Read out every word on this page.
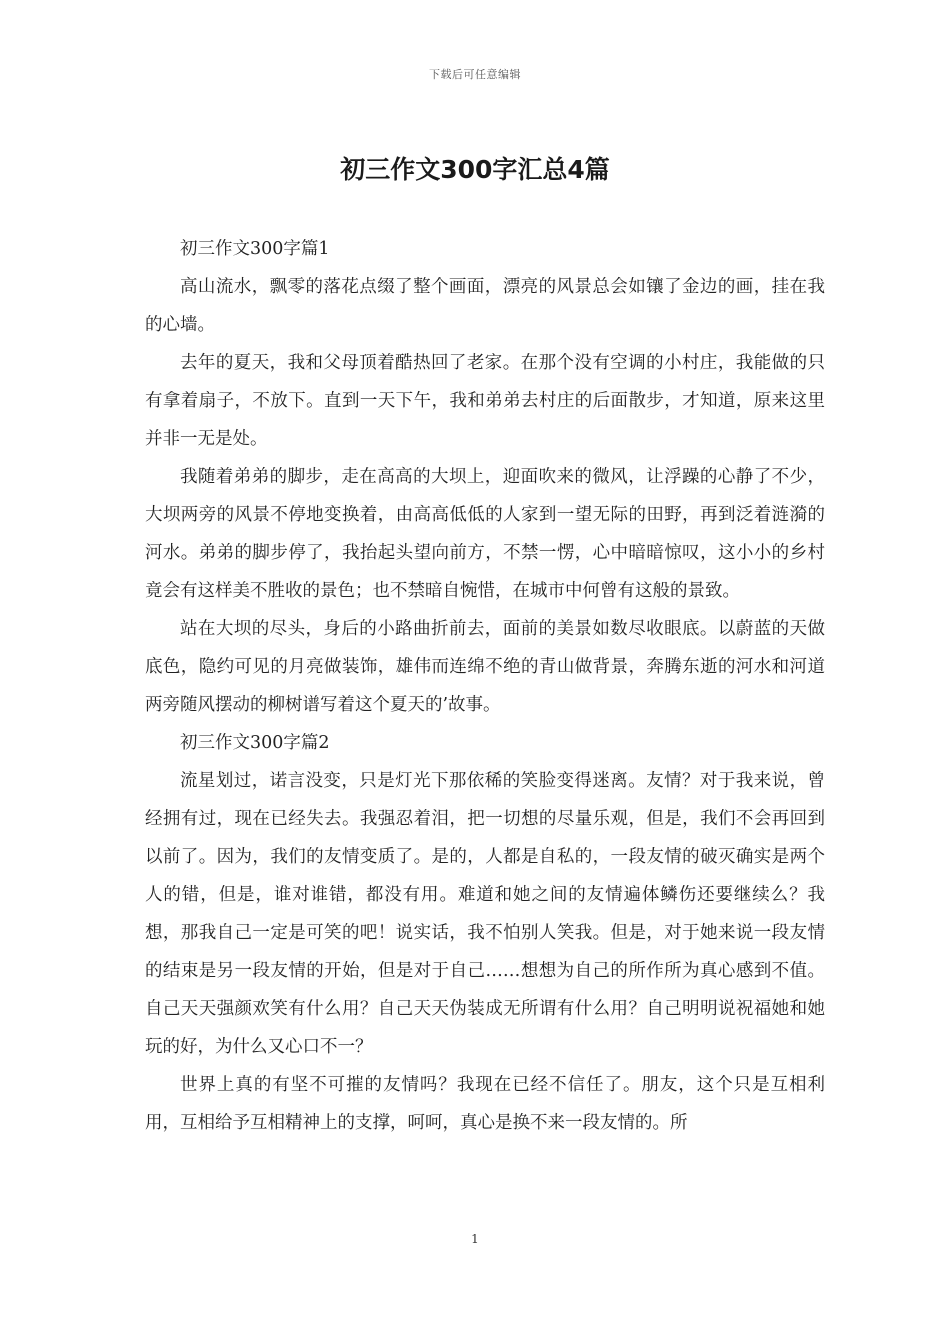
下载后可任意编辑
初三作文300字汇总4篇

初三作文300字篇1

高山流水，飘零的落花点缀了整个画面，漂亮的风景总会如镶了金边的画，挂在我的心墙。

去年的夏天，我和父母顶着酷热回了老家。在那个没有空调的小村庄，我能做的只有拿着扇子，不放下。直到一天下午，我和弟弟去村庄的后面散步，才知道，原来这里并非一无是处。

我随着弟弟的脚步，走在高高的大坝上，迎面吹来的微风，让浮躁的心静了不少，大坝两旁的风景不停地变换着，由高高低低的人家到一望无际的田野，再到泛着涟漪的河水。弟弟的脚步停了，我抬起头望向前方，不禁一愣，心中暗暗惊叹，这小小的乡村竟会有这样美不胜收的景色；也不禁暗自惋惜，在城市中何曾有这般的景致。

站在大坝的尽头，身后的小路曲折前去，面前的美景如数尽收眼底。以蔚蓝的天做底色，隐约可见的月亮做装饰，雄伟而连绵不绝的青山做背景，奔腾东逝的河水和河道两旁随风摆动的柳树谱写着这个夏天的’故事。

初三作文300字篇2

流星划过，诺言没变，只是灯光下那依稀的笑脸变得迷离。友情？对于我来说，曾经拥有过，现在已经失去。我强忍着泪，把一切想的尽量乐观，但是，我们不会再回到以前了。因为，我们的友情变质了。是的，人都是自私的，一段友情的破灭确实是两个人的错，但是，谁对谁错，都没有用。难道和她之间的友情遍体鳞伤还要继续么？我想，那我自己一定是可笑的吧！说实话，我不怕别人笑我。但是，对于她来说一段友情的结束是另一段友情的开始，但是对于自己……想想为自己的所作所为真心感到不值。自己天天强颜欢笑有什么用？自己天天伪装成无所谓有什么用？自己明明说祝福她和她玩的好，为什么又心口不一？

世界上真的有坚不可摧的友情吗？我现在已经不信任了。朋友，这个只是互相利用，互相给予互相精神上的支撑，呵呵，真心是换不来一段友情的。所

1
